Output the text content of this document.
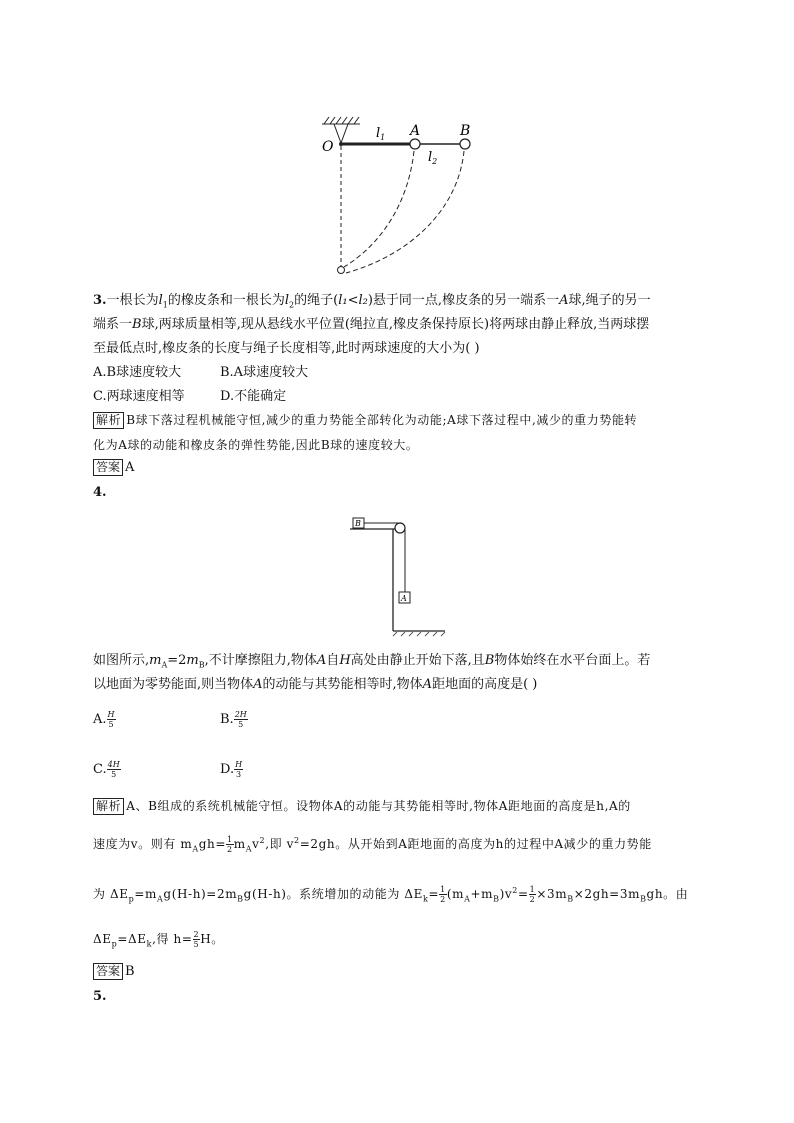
O
A	B
$l_1$
$l_2$
3.一根长为$l_1$的橡皮条和一根长为$l_2$的绳子(l₁<l₂)悬于同一点,橡皮条的另一端系一A球,绳子的另一
端系一B球,两球质量相等,现从悬线水平位置(绳拉直,橡皮条保持原长)将两球由静止释放,当两球摆
至最低点时,橡皮条的长度与绳子长度相等,此时两球速度的大小为( )
A.B球速度较大	B.A球速度较大
C.两球速度相等	D.不能确定
解析 B球下落过程机械能守恒,减少的重力势能全部转化为动能;A球下落过程中,减少的重力势能转
化为A球的动能和橡皮条的弹性势能,因此B球的速度较大。
答案 A
4.
B
A
如图所示$,m_A=2m_B$,不计摩擦阻力,物体A自H高处由静止开始下落,且B物体始终在水平台面上。若
以地面为零势能面,则当物体A的动能与其势能相等时,物体A距地面的高度是( )
A. $\frac{H}{5}$	B. $\frac{2H}{5}$
C. $\frac{4H}{5}$	D. $\frac{H}{3}$
解析 A、B组成的系统机械能守恒。设物体A的动能与其势能相等时,物体A距地面的高度是h,A的
速度为v。则有 $m_Agh= \frac{1}{2} m_Av^2$,即 $v^2=2gh$。从开始到A距地面的高度为h的过程中A减少的重力势能
为 $\Delta E_p=m_Ag(H-h)=2m_Bg(H-h)$。系统增加的动能为 $\Delta E_k= \frac{1}{2} (m_A+m_B)v^2= \frac{1}{2} \times 3m_B\times 2gh=3m_Bgh$。由
$\Delta E_p=\Delta E_k$,得 $h= \frac{2}{5}$ H。
答案 B
5.
